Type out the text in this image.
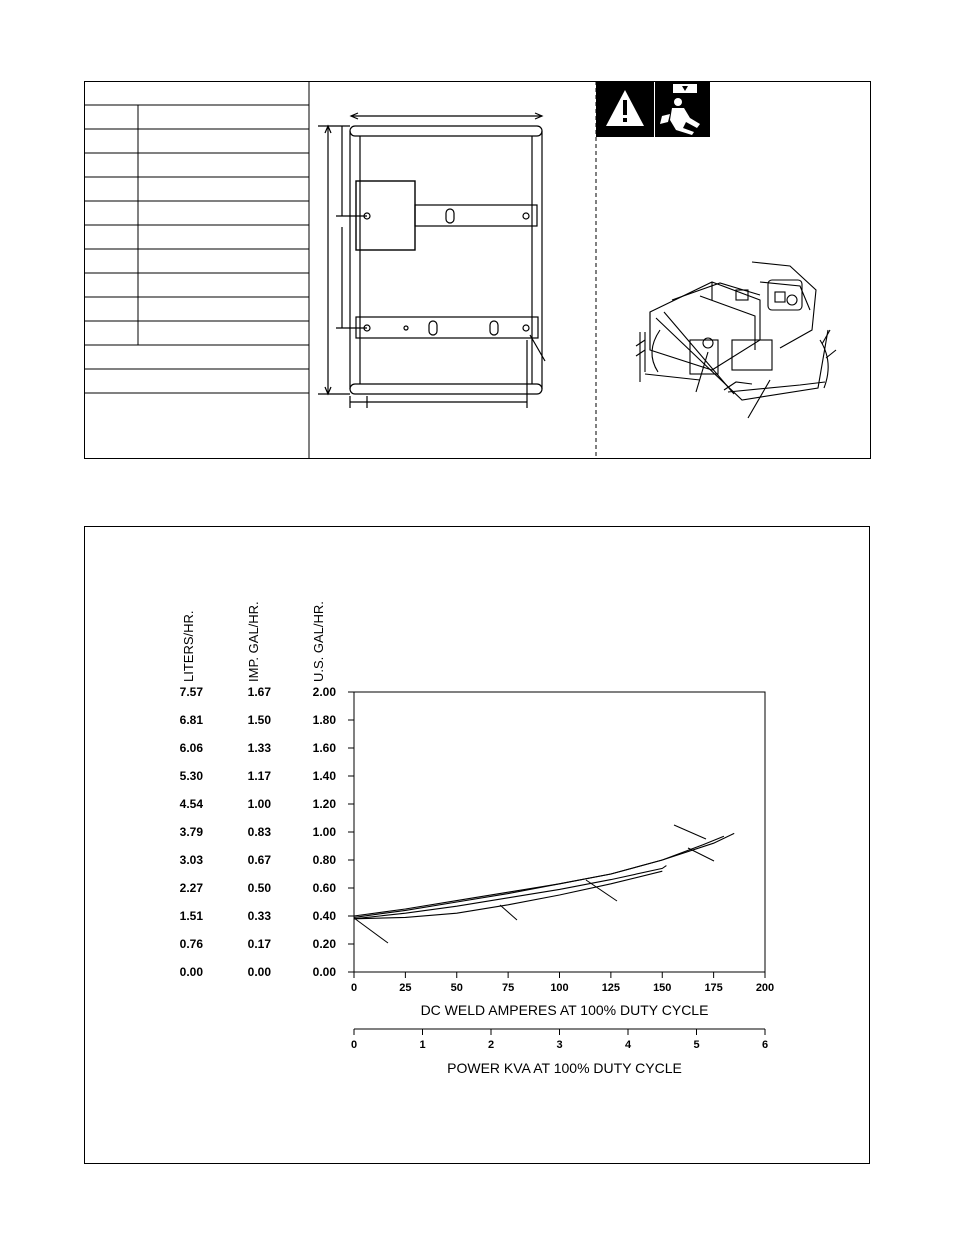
7.57
6.81
6.06
5.30
4.54
3.79
3.03
2.27
1.51
0.76
0.00
LITERS/HR.
1.67
1.50
1.33
1.17
1.00
0.83
0.67
0.50
0.33
0.17
0.00
IMP. GAL/HR.
2.00
1.80
1.60
1.40
1.20
1.00
0.80
0.60
0.40
0.20
0.00
U.S. GAL/HR.
0	25	50	75	100	125	150	175	200
DC WELD AMPERES AT 100% DUTY CYCLE
0	1	2	3	4	5	6
POWER KVA AT 100% DUTY CYCLE
